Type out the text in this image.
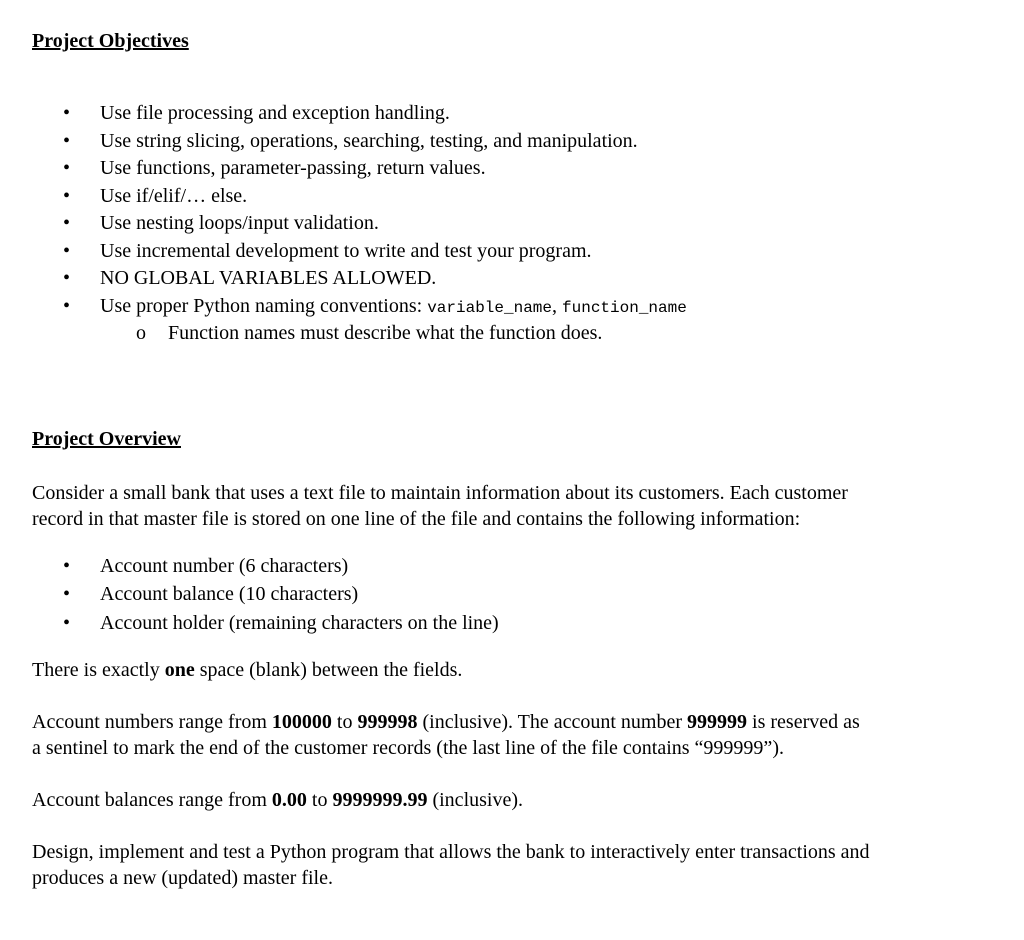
Project Objectives
• Use file processing and exception handling.
• Use string slicing, operations, searching, testing, and manipulation.
• Use functions, parameter-passing, return values.
• Use if/elif/… else.
• Use nesting loops/input validation.
• Use incremental development to write and test your program.
• NO GLOBAL VARIABLES ALLOWED.
• Use proper Python naming conventions: variable_name, function_name
o Function names must describe what the function does.
Project Overview

Consider a small bank that uses a text file to maintain information about its customers. Each customer
record in that master file is stored on one line of the file and contains the following information:

• Account number (6 characters)
• Account balance (10 characters)
• Account holder (remaining characters on the line)

There is exactly one space (blank) between the fields.

Account numbers range from 100000 to 999998 (inclusive). The account number 999999 is reserved as
a sentinel to mark the end of the customer records (the last line of the file contains “999999”).

Account balances range from 0.00 to 9999999.99 (inclusive).

Design, implement and test a Python program that allows the bank to interactively enter transactions and
produces a new (updated) master file.
